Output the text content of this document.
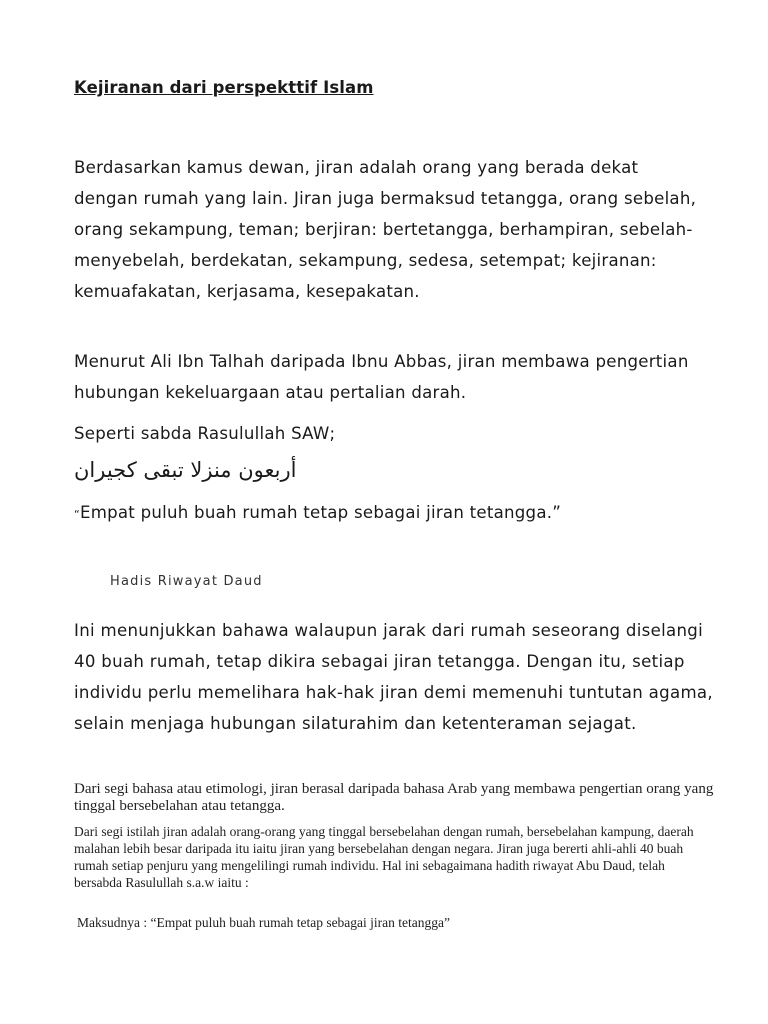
Kejiranan dari perspekttif Islam
Berdasarkan kamus dewan, jiran adalah orang yang berada dekat dengan rumah yang lain. Jiran juga bermaksud tetangga, orang sebelah, orang sekampung, teman; berjiran: bertetangga, berhampiran, sebelah-menyebelah, berdekatan, sekampung, sedesa, setempat; kejiranan: kemuafakatan, kerjasama, kesepakatan.
Menurut Ali Ibn Talhah daripada Ibnu Abbas, jiran membawa pengertian hubungan kekeluargaan atau pertalian darah.
Seperti sabda Rasulullah SAW;
أربعون منزلا تبقى كجيران
“Empat puluh buah rumah tetap sebagai jiran tetangga.”
Hadis Riwayat Daud
Ini menunjukkan bahawa walaupun jarak dari rumah seseorang diselangi 40 buah rumah, tetap dikira sebagai jiran tetangga. Dengan itu, setiap individu perlu memelihara hak-hak jiran demi memenuhi tuntutan agama, selain menjaga hubungan silaturahim dan ketenteraman sejagat.
Dari segi bahasa atau etimologi, jiran berasal daripada bahasa Arab yang membawa pengertian orang yang tinggal bersebelahan atau tetangga.
Dari segi istilah jiran adalah orang-orang yang tinggal bersebelahan dengan rumah, bersebelahan kampung, daerah malahan lebih besar daripada itu iaitu jiran yang bersebelahan dengan negara. Jiran juga bererti ahli-ahli 40 buah rumah setiap penjuru yang mengelilingi rumah individu. Hal ini sebagaimana hadith riwayat Abu Daud, telah bersabda Rasulullah s.a.w iaitu :
Maksudnya : “Empat puluh buah rumah tetap sebagai jiran tetangga”
